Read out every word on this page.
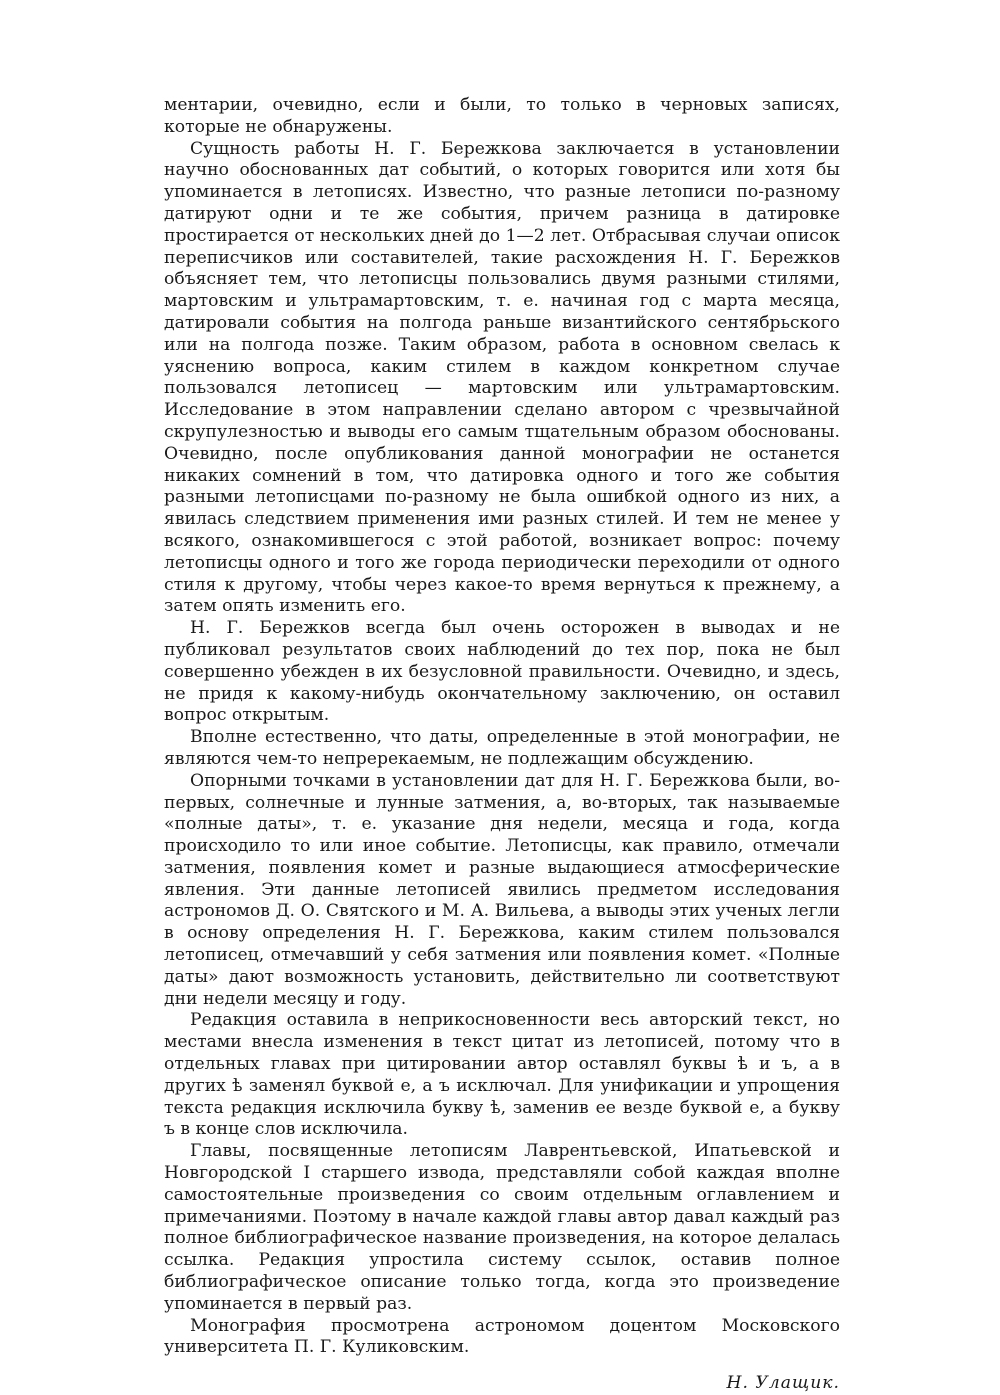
ментарии, очевидно, если и были, то только в черновых записях, которые не обнаружены.

Сущность работы Н. Г. Бережкова заключается в установлении научно обоснованных дат событий, о которых говорится или хотя бы упоминается в летописях. Известно, что разные летописи по-разному датируют одни и те же события, причем разница в датировке простирается от нескольких дней до 1—2 лет. Отбрасывая случаи описок переписчиков или составителей, такие расхождения Н. Г. Бережков объясняет тем, что летописцы пользовались двумя разными стилями, мартовским и ультрамартовским, т. е. начиная год с марта месяца, датировали события на полгода раньше византийского сентябрьского или на полгода позже. Таким образом, работа в основном свелась к уяснению вопроса, каким стилем в каждом конкретном случае пользовался летописец — мартовским или ультрамартовским. Исследование в этом направлении сделано автором с чрезвычайной скрупулезностью и выводы его самым тщательным образом обоснованы. Очевидно, после опубликования данной монографии не останется никаких сомнений в том, что датировка одного и того же события разными летописцами по-разному не была ошибкой одного из них, а явилась следствием применения ими разных стилей. И тем не менее у всякого, ознакомившегося с этой работой, возникает вопрос: почему летописцы одного и того же города периодически переходили от одного стиля к другому, чтобы через какое-то время вернуться к прежнему, а затем опять изменить его.

Н. Г. Бережков всегда был очень осторожен в выводах и не публиковал результатов своих наблюдений до тех пор, пока не был совершенно убежден в их безусловной правильности. Очевидно, и здесь, не придя к какому-нибудь окончательному заключению, он оставил вопрос открытым.

Вполне естественно, что даты, определенные в этой монографии, не являются чем-то непререкаемым, не подлежащим обсуждению.

Опорными точками в установлении дат для Н. Г. Бережкова были, во-первых, солнечные и лунные затмения, а, во-вторых, так называемые «полные даты», т. е. указание дня недели, месяца и года, когда происходило то или иное событие. Летописцы, как правило, отмечали затмения, появления комет и разные выдающиеся атмосферические явления. Эти данные летописей явились предметом исследования астрономов Д. О. Святского и М. А. Вильева, а выводы этих ученых легли в основу определения Н. Г. Бережкова, каким стилем пользовался летописец, отмечавший у себя затмения или появления комет. «Полные даты» дают возможность установить, действительно ли соответствуют дни недели месяцу и году.

Редакция оставила в неприкосновенности весь авторский текст, но местами внесла изменения в текст цитат из летописей, потому что в отдельных главах при цитировании автор оставлял буквы ѣ и ъ, а в других ѣ заменял буквой е, а ъ исключал. Для унификации и упрощения текста редакция исключила букву ѣ, заменив ее везде буквой е, а букву ъ в конце слов исключила.

Главы, посвященные летописям Лаврентьевской, Ипатьевской и Новгородской I старшего извода, представляли собой каждая вполне самостоятельные произведения со своим отдельным оглавлением и примечаниями. Поэтому в начале каждой главы автор давал каждый раз полное библиографическое название произведения, на которое делалась ссылка. Редакция упростила систему ссылок, оставив полное библиографическое описание только тогда, когда это произведение упоминается в первый раз.

Монография просмотрена астрономом доцентом Московского университета П. Г. Куликовским.

Н. Улащик.
